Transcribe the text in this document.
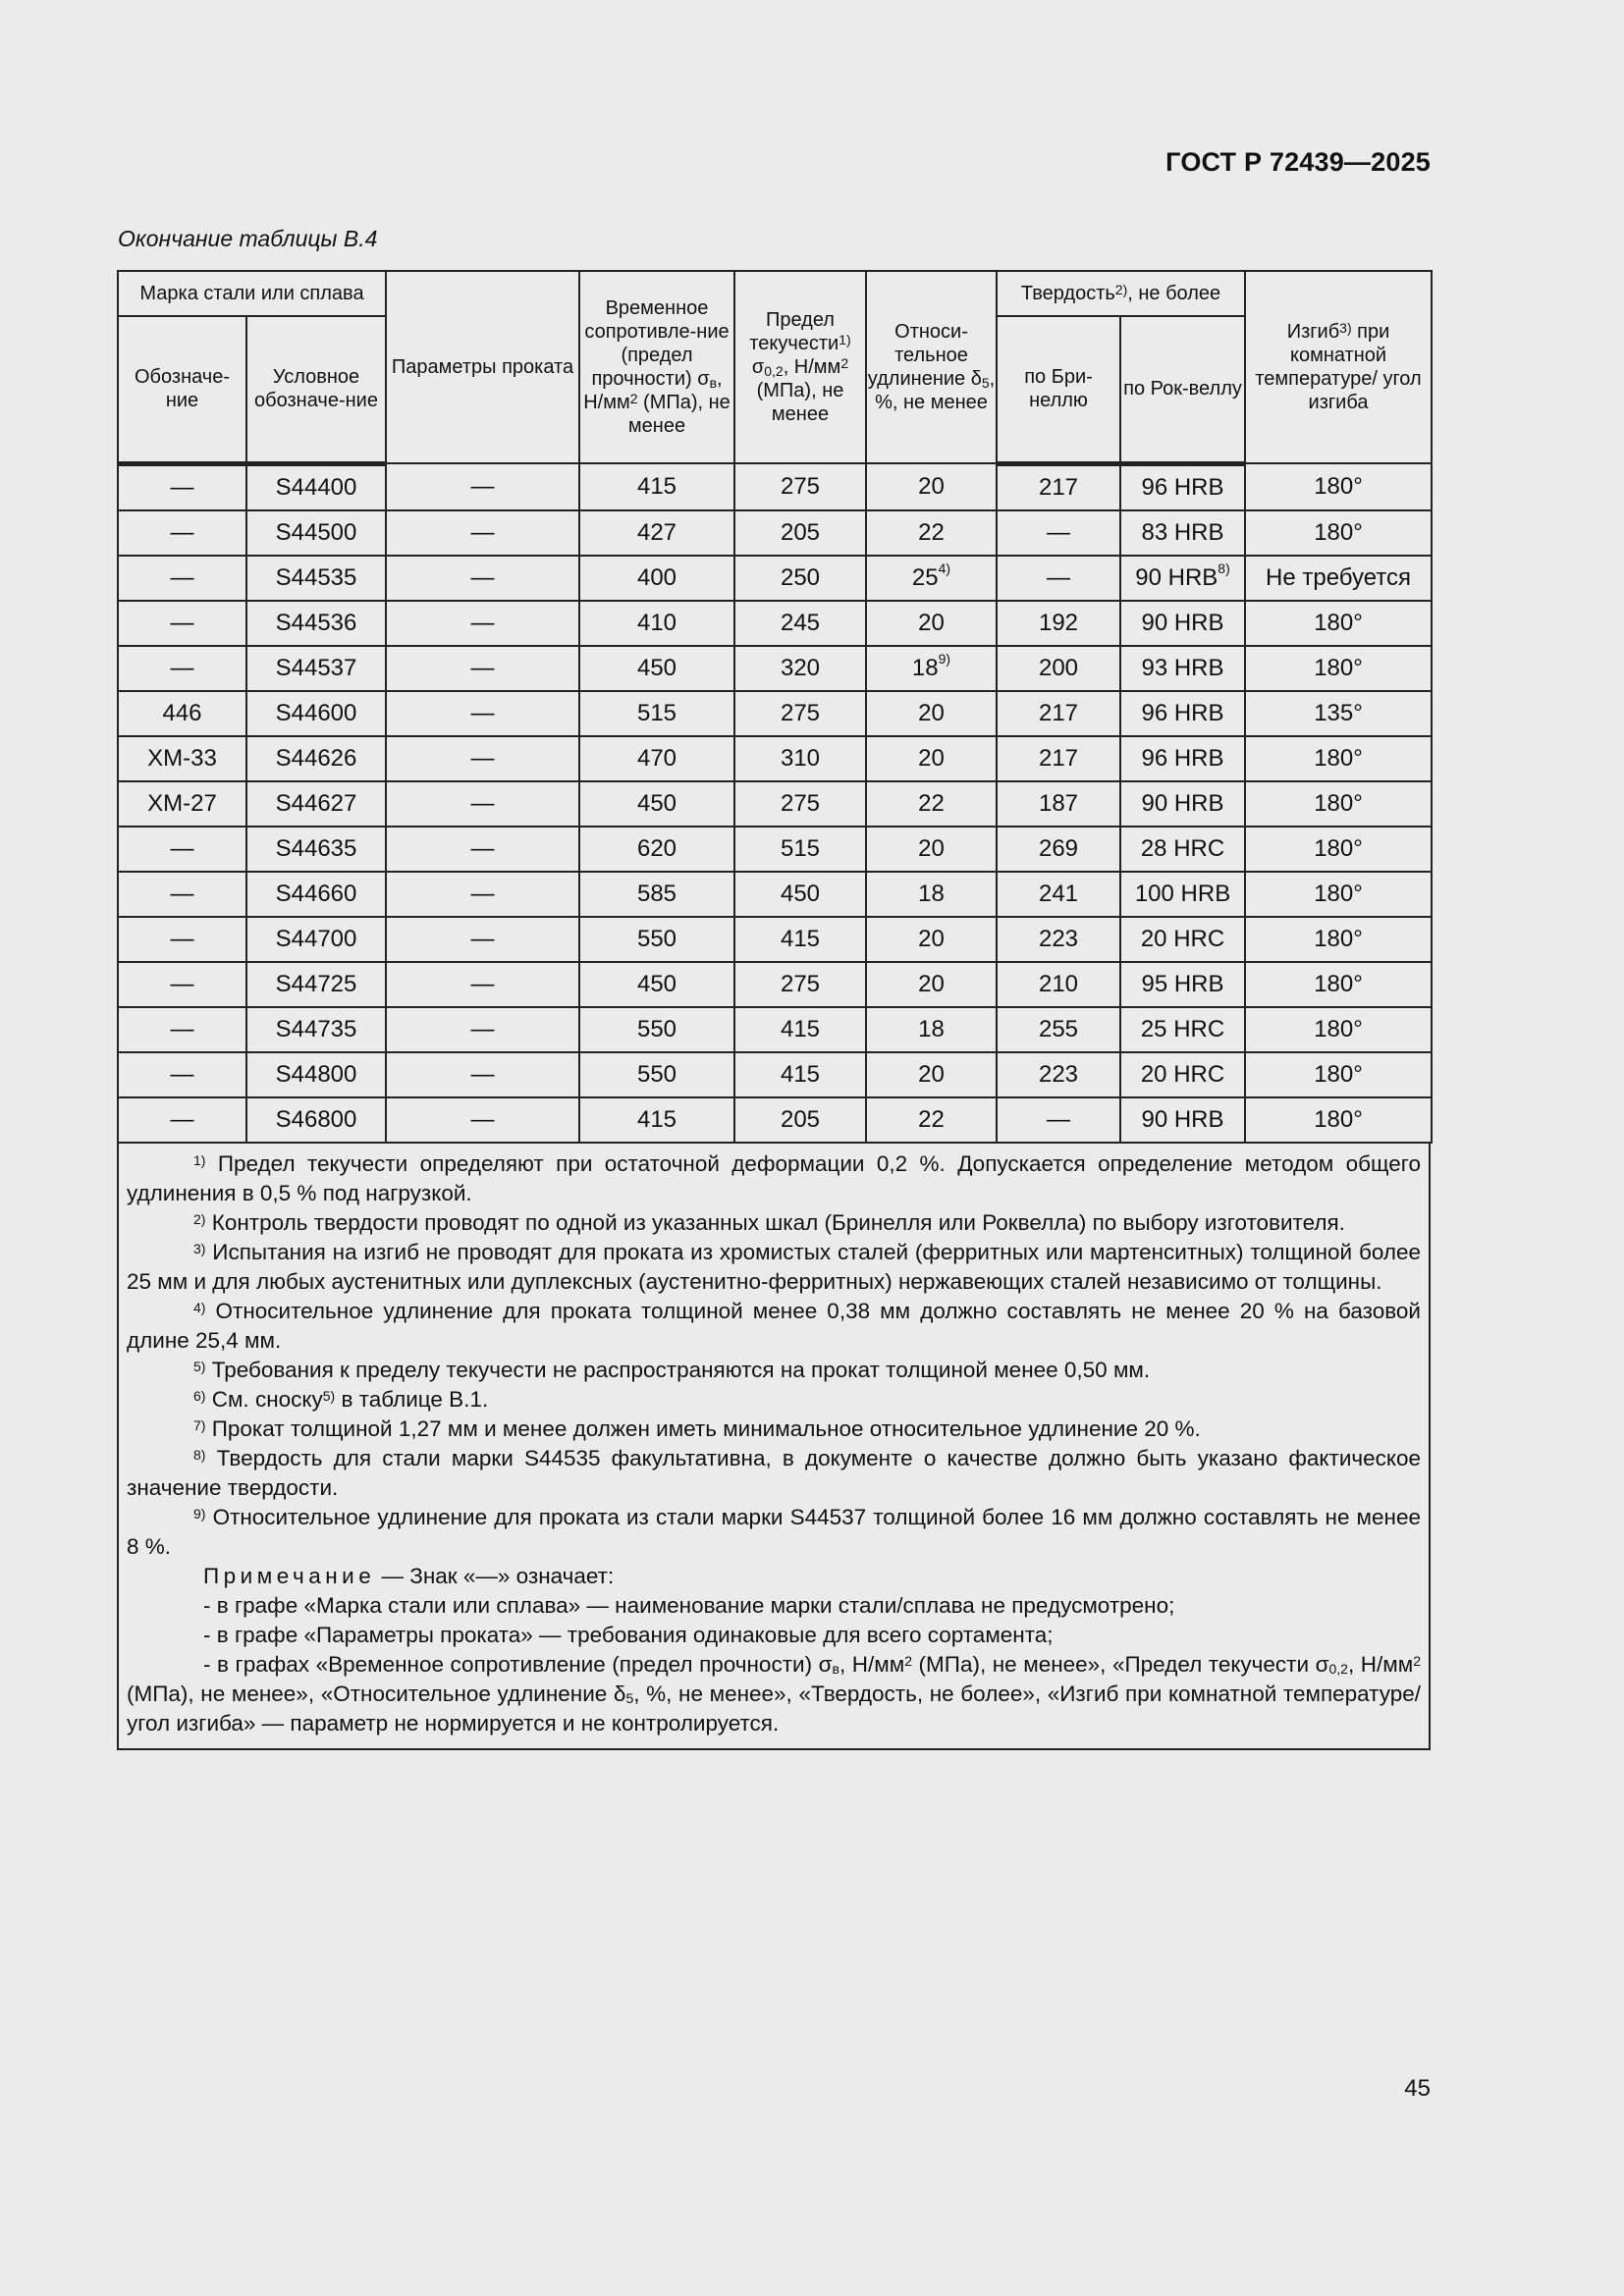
ГОСТ Р 72439—2025
Окончание таблицы В.4
Марка стали или сплава		Параметры проката	Временное сопротивле-ние (предел прочности) $\sigma_в$, $Н/мм^2$ (МПа), не менее	Предел текучести$^{1)}$ $\sigma_{0,2}$, $Н/мм^2$ (МПа), не менее	Относи-тельное удлинение $\delta_5$, %, не менее	Твердость$^{2)}$, не более		Изгиб$^{3)}$ при комнатной температуре/ угол изгиба
Обозначе-ние	Условное обозначе-ние					по Бри-неллю	по Рок-веллу	
—	S44400	—	415	275	20	217	96 HRB	180°
—	S44500	—	427	205	22	—	83 HRB	180°
—	S44535	—	400	250	25$^{4)}$	—	90 HRB$^{8)}$	Не требуется
—	S44536	—	410	245	20	192	90 HRB	180°
—	S44537	—	450	320	18$^{9)}$	200	93 HRB	180°
446	S44600	—	515	275	20	217	96 HRB	135°
XM-33	S44626	—	470	310	20	217	96 HRB	180°
XM-27	S44627	—	450	275	22	187	90 HRB	180°
—	S44635	—	620	515	20	269	28 HRC	180°
—	S44660	—	585	450	18	241	100 HRB	180°
—	S44700	—	550	415	20	223	20 HRC	180°
—	S44725	—	450	275	20	210	95 HRB	180°
—	S44735	—	550	415	18	255	25 HRC	180°
—	S44800	—	550	415	20	223	20 HRC	180°
—	S46800	—	415	205	22	—	90 HRB	180°

$^{1)}$ Предел текучести определяют при остаточной деформации 0,2 %. Допускается определение методом общего удлинения в 0,5 % под нагрузкой.

$^{2)}$ Контроль твердости проводят по одной из указанных шкал (Бринелля или Роквелла) по выбору изготовителя.

$^{3)}$ Испытания на изгиб не проводят для проката из хромистых сталей (ферритных или мартенситных) толщиной более 25 мм и для любых аустенитных или дуплексных (аустенитно-ферритных) нержавеющих сталей независимо от толщины.

$^{4)}$ Относительное удлинение для проката толщиной менее 0,38 мм должно составлять не менее 20 % на базовой длине 25,4 мм.

$^{5)}$ Требования к пределу текучести не распространяются на прокат толщиной менее 0,50 мм.

$^{6)}$ См. сноску$^{5)}$ в таблице В.1.

$^{7)}$ Прокат толщиной 1,27 мм и менее должен иметь минимальное относительное удлинение 20 %.

$^{8)}$ Твердость для стали марки S44535 факультативна, в документе о качестве должно быть указано фактическое значение твердости.

$^{9)}$ Относительное удлинение для проката из стали марки S44537 толщиной более 16 мм должно составлять не менее 8 %.

Примечание — Знак «—» означает:

- в графе «Марка стали или сплава» — наименование марки стали/сплава не предусмотрено;

- в графе «Параметры проката» — требования одинаковые для всего сортамента;

- в графах «Временное сопротивление (предел прочности) $\sigma_в$, $Н/мм^2$ (МПа), не менее», «Предел текучести $\sigma_{0,2}$, $Н/мм^2$ (МПа), не менее», «Относительное удлинение $\delta_5$, %, не менее», «Твердость, не более», «Изгиб при комнатной температуре/угол изгиба» — параметр не нормируется и не контролируется.

45
